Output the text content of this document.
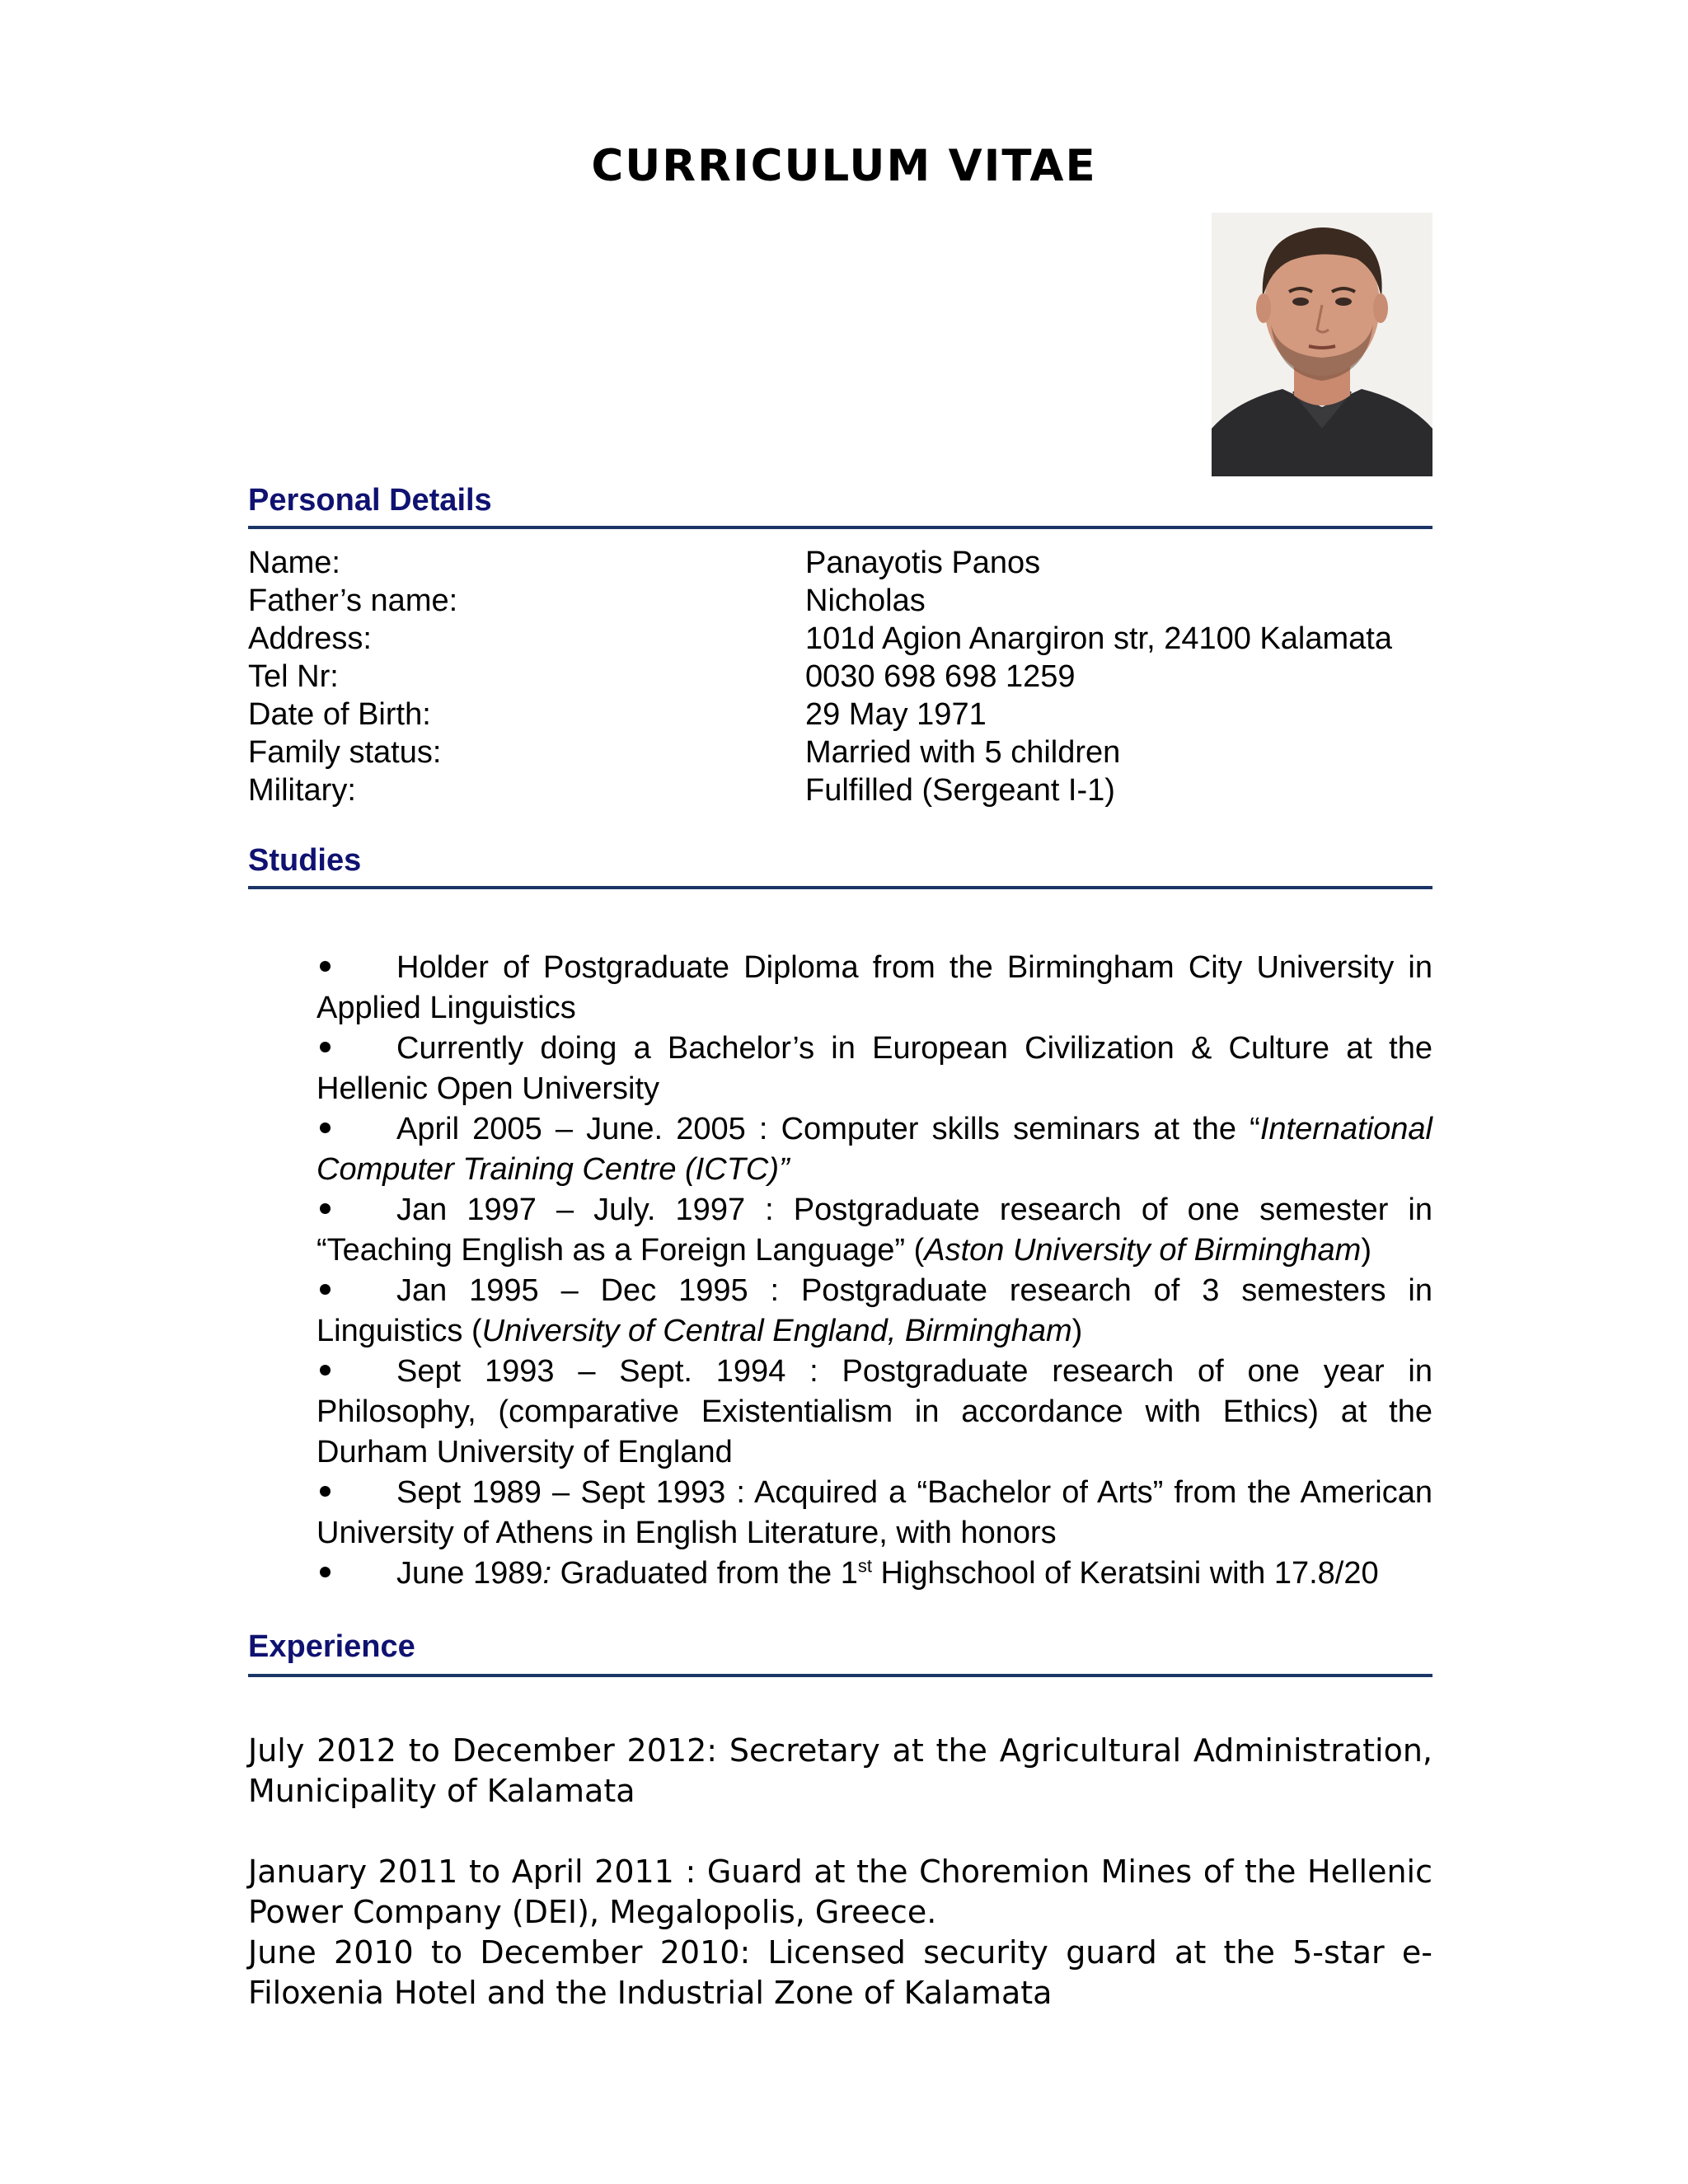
CURRICULUM VITAE
Personal Details
Name:	Panayotis Panos
Father’s name:	Nicholas
Address:	101d Agion Anargiron str, 24100 Kalamata
Tel Nr:	0030 698 698 1259
Date of Birth:	29 May 1971
Family status:	Married with 5 children
Military:	Fulfilled (Sergeant I-1)
Studies
Holder of Postgraduate Diploma from the Birmingham City University in Applied Linguistics
Currently doing a Bachelor’s in European Civilization & Culture at the Hellenic Open University
April 2005 – June. 2005 : Computer skills seminars at the “International Computer Training Centre (ICTC)”
Jan 1997 – July. 1997 : Postgraduate research of one semester in “Teaching English as a Foreign Language” (Aston University of Birmingham)
Jan 1995 – Dec 1995 : Postgraduate research of 3 semesters in Linguistics (University of Central England, Birmingham)
Sept 1993 – Sept. 1994 : Postgraduate research of one year in Philosophy, (comparative Existentialism in accordance with Ethics) at the Durham University of England
Sept 1989 – Sept 1993 : Acquired a “Bachelor of Arts” from the American University of Athens in English Literature, with honors
June 1989: Graduated from the 1st Highschool of Keratsini with 17.8/20
Experience

July 2012 to December 2012: Secretary at the Agricultural Administration, Municipality of Kalamata

January 2011 to April 2011 : Guard at the Choremion Mines of the Hellenic Power Company (DEI), Megalopolis, Greece.

June 2010 to December 2010: Licensed security guard at the 5-star e-Filoxenia Hotel and the Industrial Zone of Kalamata
